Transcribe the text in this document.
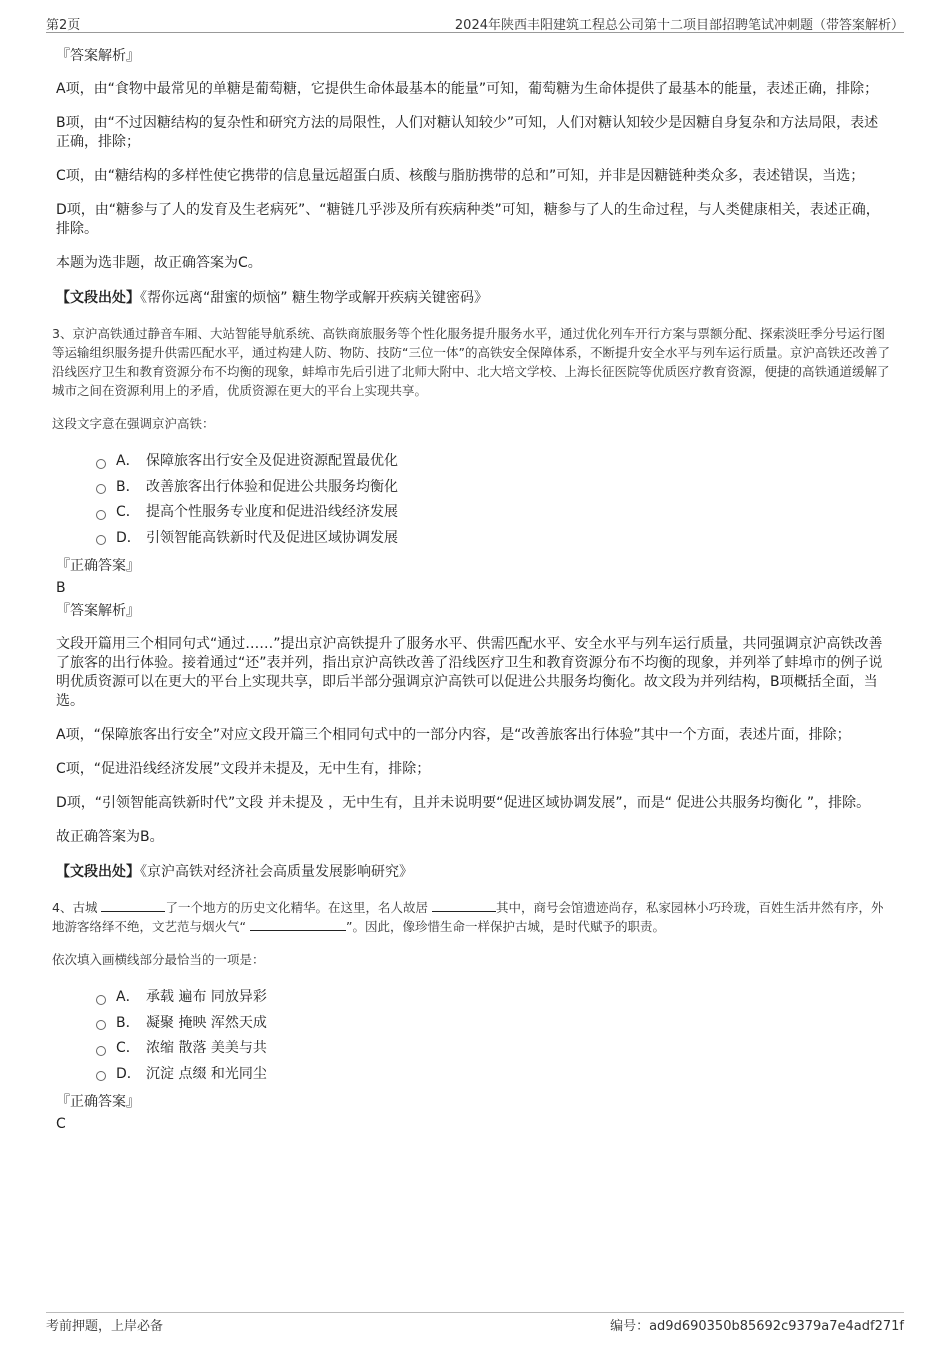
第2页	2024年陕西丰阳建筑工程总公司第十二项目部招聘笔试冲刺题（带答案解析）
『答案解析』

A项，由“食物中最常见的单糖是葡萄糖，它提供生命体最基本的能量”可知，葡萄糖为生命体提供了最基本的能量，表述正确，排除；

B项，由“不过因糖结构的复杂性和研究方法的局限性，人们对糖认知较少”可知，人们对糖认知较少是因糖自身复杂和方法局限，表述正确，排除；

C项，由“糖结构的多样性使它携带的信息量远超蛋白质、核酸与脂肪携带的总和”可知，并非是因糖链种类众多，表述错误，当选；

D项，由“糖参与了人的发育及生老病死”、“糖链几乎涉及所有疾病种类”可知，糖参与了人的生命过程，与人类健康相关，表述正确，排除。

本题为选非题，故正确答案为C。

【文段出处】《帮你远离“甜蜜的烦恼” 糖生物学或解开疾病关键密码》

3、京沪高铁通过静音车厢、大站智能导航系统、高铁商旅服务等个性化服务提升服务水平，通过优化列车开行方案与票额分配、探索淡旺季分号运行图等运输组织服务提升供需匹配水平，通过构建人防、物防、技防“三位一体”的高铁安全保障体系，不断提升安全水平与列车运行质量。京沪高铁还改善了沿线医疗卫生和教育资源分布不均衡的现象，蚌埠市先后引进了北师大附中、北大培文学校、上海长征医院等优质医疗教育资源，便捷的高铁通道缓解了城市之间在资源利用上的矛盾，优质资源在更大的平台上实现共享。

这段文字意在强调京沪高铁：

A． 保障旅客出行安全及促进资源配置最优化
B． 改善旅客出行体验和促进公共服务均衡化
C． 提高个性服务专业度和促进沿线经济发展
D． 引领智能高铁新时代及促进区域协调发展
『正确答案』
B
『答案解析』

文段开篇用三个相同句式“通过……”提出京沪高铁提升了服务水平、供需匹配水平、安全水平与列车运行质量，共同强调京沪高铁改善了旅客的出行体验。接着通过“还”表并列，指出京沪高铁改善了沿线医疗卫生和教育资源分布不均衡的现象，并列举了蚌埠市的例子说明优质资源可以在更大的平台上实现共享，即后半部分强调京沪高铁可以促进公共服务均衡化。故文段为并列结构，B项概括全面，当选。

A项，“保障旅客出行安全”对应文段开篇三个相同句式中的一部分内容，是“改善旅客出行体验”其中一个方面，表述片面，排除；

C项，“促进沿线经济发展”文段并未提及，无中生有，排除；

D项，“引领智能高铁新时代”文段 并未提及 ，无中生有，且并未说明要“促进区域协调发展”，而是“ 促进公共服务均衡化 ”，排除。

故正确答案为B。

【文段出处】《京沪高铁对经济社会高质量发展影响研究》

4、古城	了一个地方的历史文化精华。在这里，名人故居	其中，商号会馆遗迹尚存，私家园林小巧玲珑，百姓生活井然有序，外地游客络绎不绝，文艺范与烟火气“	”。因此，像珍惜生命一样保护古城，是时代赋予的职责。

依次填入画横线部分最恰当的一项是：

A． 承载 遍布 同放异彩
B． 凝聚 掩映 浑然天成
C． 浓缩 散落 美美与共
D． 沉淀 点缀 和光同尘
『正确答案』
C
考前押题，上岸必备	编号：ad9d690350b85692c9379a7e4adf271f
